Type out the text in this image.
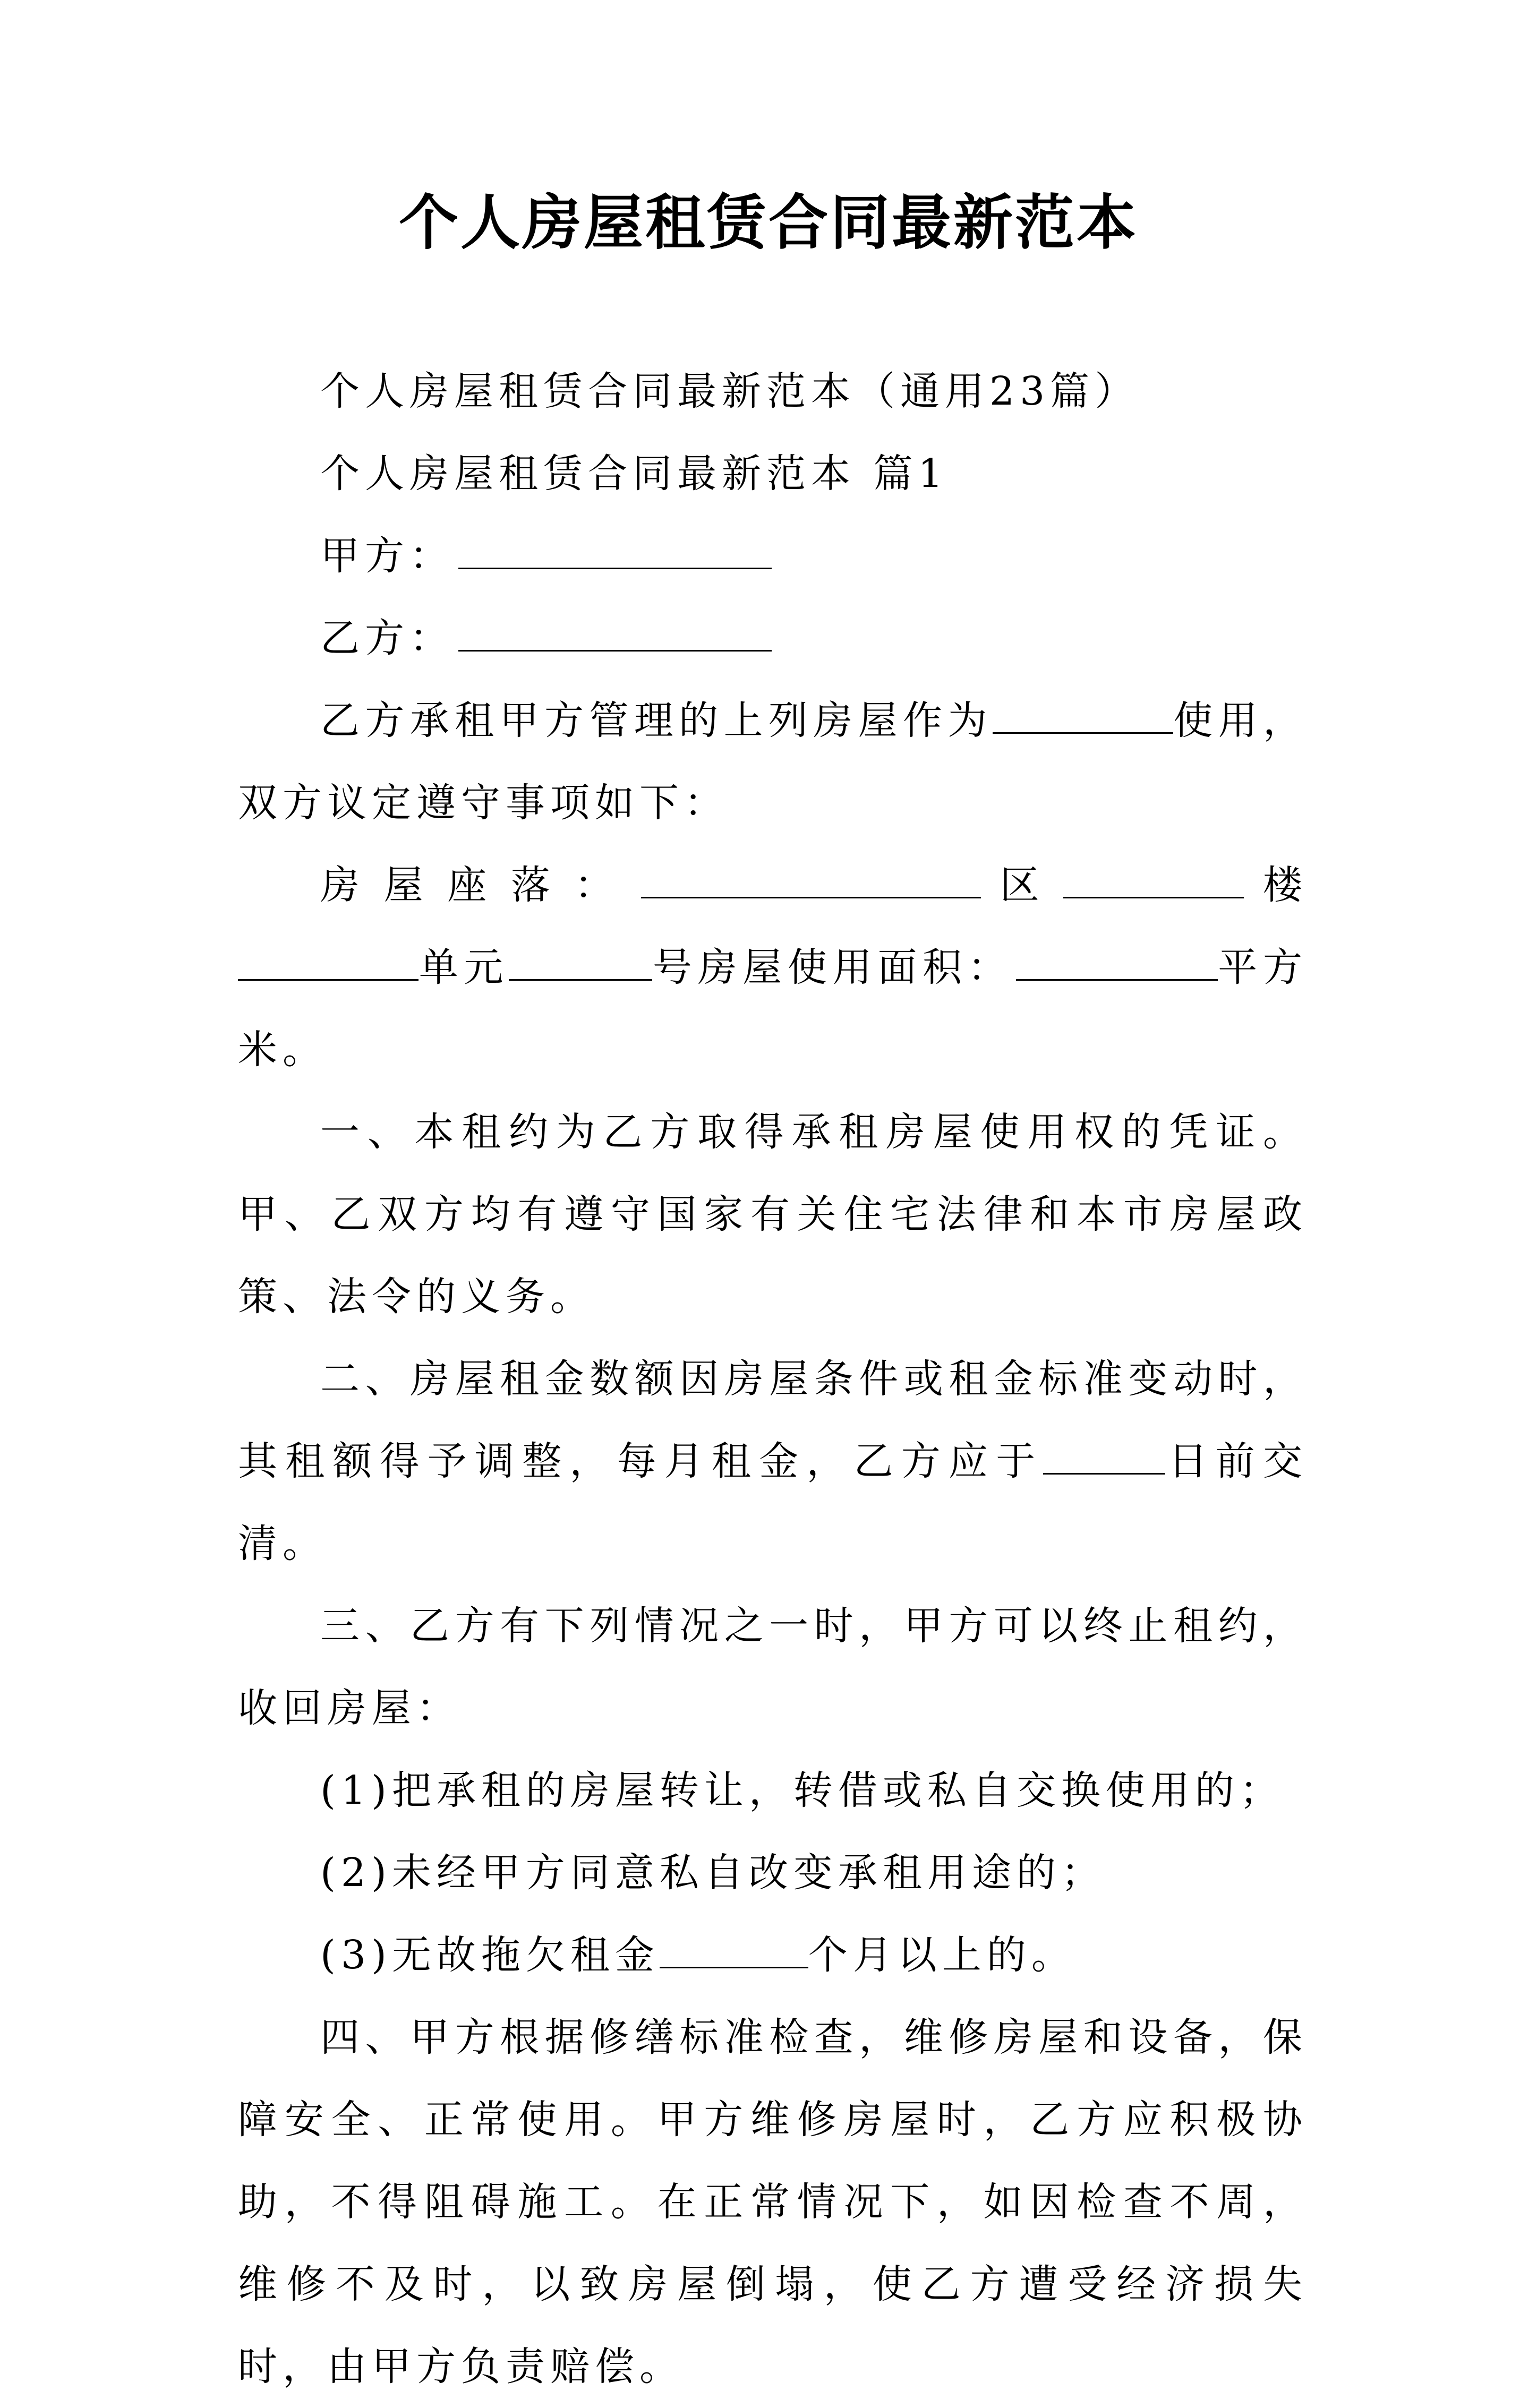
个人房屋租赁合同最新范本

个人房屋租赁合同最新范本（通用23篇）

个人房屋租赁合同最新范本 篇1

甲方：

乙方：

乙方承租甲方管理的上列房屋作为	使用，双方议定遵守事项如下：

房屋座落：	区	楼单元	号房屋使用面积：	平方米。

一、本租约为乙方取得承租房屋使用权的凭证。甲、乙双方均有遵守国家有关住宅法律和本市房屋政策、法令的义务。

二、房屋租金数额因房屋条件或租金标准变动时，其租额得予调整，每月租金，乙方应于	日前交清。

三、乙方有下列情况之一时，甲方可以终止租约，收回房屋：

(1)把承租的房屋转让，转借或私自交换使用的；

(2)未经甲方同意私自改变承租用途的；

(3)无故拖欠租金	个月以上的。

四、甲方根据修缮标准检查，维修房屋和设备，保障安全、正常使用。甲方维修房屋时，乙方应积极协助，不得阻碍施工。在正常情况下，如因检查不周，维修不及时，以致房屋倒塌，使乙方遭受经济损失时，由甲方负责赔偿。
